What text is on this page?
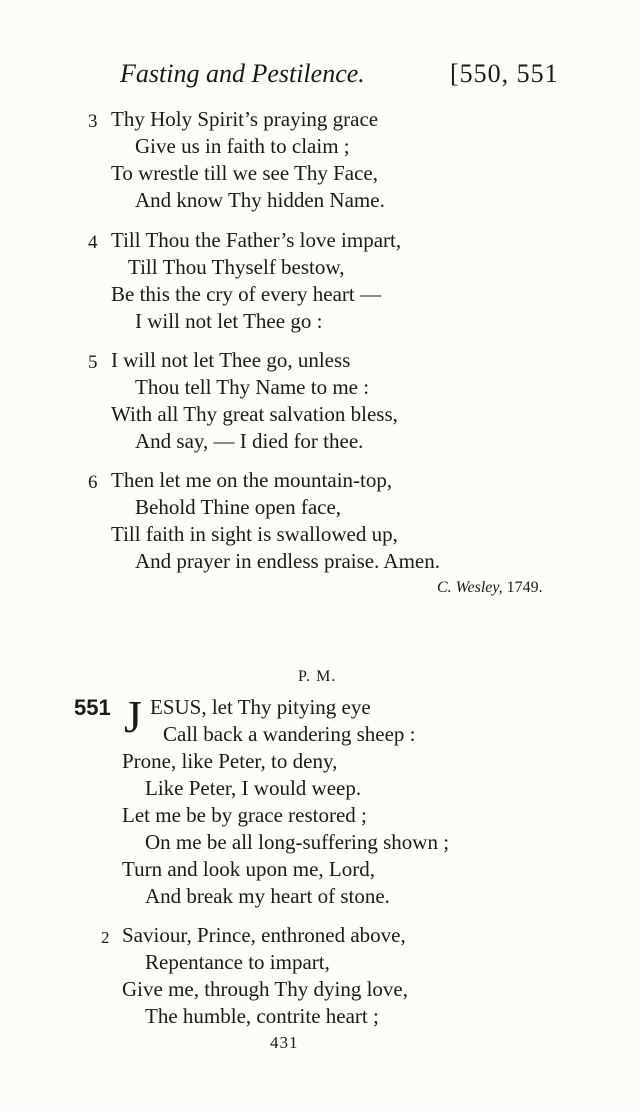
Fasting and Pestilence.	[550, 551
3 Thy Holy Spirit’s praying grace
Give us in faith to claim ;
To wrestle till we see Thy Face,
And know Thy hidden Name.
4 Till Thou the Father’s love impart,
Till Thou Thyself bestow,
Be this the cry of every heart —
I will not let Thee go :
5 I will not let Thee go, unless
Thou tell Thy Name to me :
With all Thy great salvation bless,
And say, — I died for thee.
6 Then let me on the mountain-top,
Behold Thine open face,
Till faith in sight is swallowed up,
And prayer in endless praise. Amen.
C. Wesley, 1749.
P. M.
551 J ESUS, let Thy pitying eye
Call back a wandering sheep :
Prone, like Peter, to deny,
Like Peter, I would weep.
Let me be by grace restored ;
On me be all long-suffering shown ;
Turn and look upon me, Lord,
And break my heart of stone.
2 Saviour, Prince, enthroned above,
Repentance to impart,
Give me, through Thy dying love,
The humble, contrite heart ;
431
